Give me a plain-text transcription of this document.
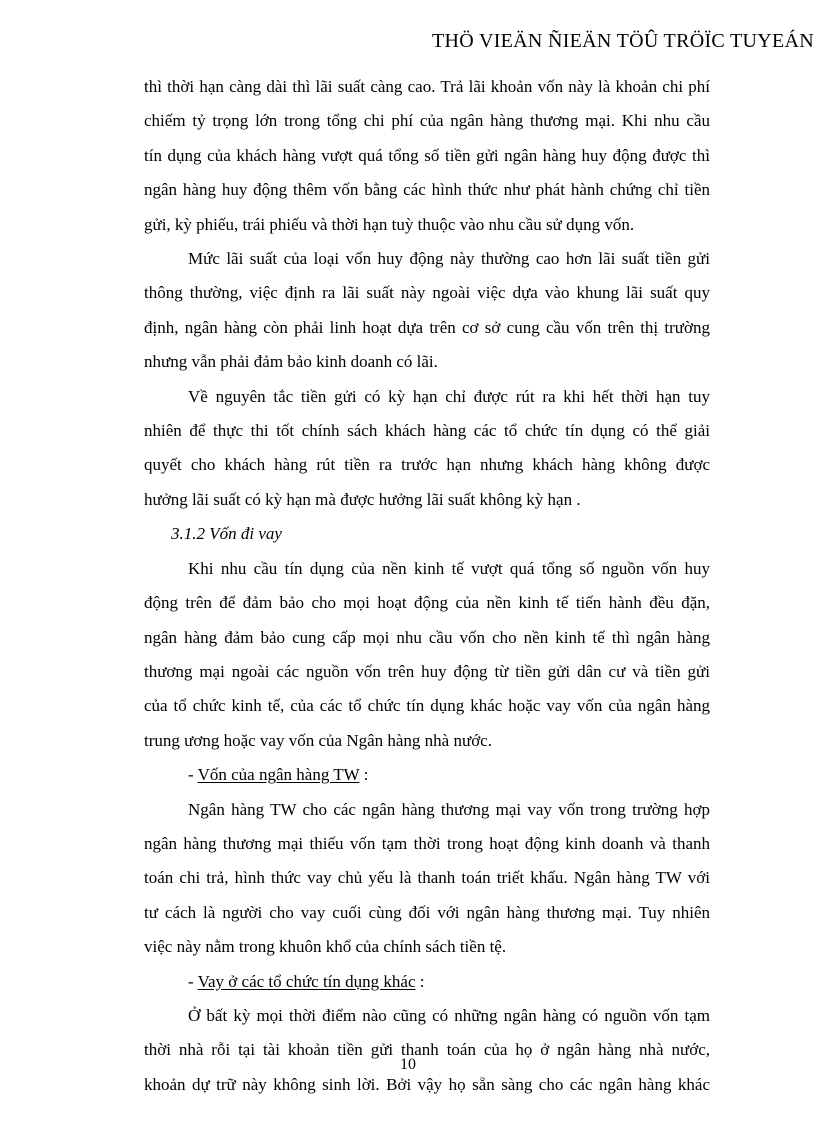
THÖ VIEÄN ÑIEÄN TÖÛ TRÖÏC TUYEÁN

thì thời hạn càng dài thì lãi suất càng cao. Trả lãi khoản vốn này là khoản chi phí
chiếm tỷ trọng lớn trong tổng chi phí của ngân hàng thương mại. Khi nhu cầu
tín dụng của khách hàng vượt quá tổng số tiền gửi ngân hàng huy động được thì
ngân hàng huy động thêm vốn bằng các hình thức như phát hành chứng chỉ tiền
gửi, kỳ phiếu, trái phiếu và thời hạn tuỳ thuộc vào nhu cầu sử dụng vốn.

Mức lãi suất của loại vốn huy động này thường cao hơn lãi suất tiền gửi
thông thường, việc định ra lãi suất này ngoài việc dựa vào khung lãi suất quy
định, ngân hàng còn phải linh hoạt dựa trên cơ sở cung cầu vốn trên thị trường
nhưng vẫn phải đảm bảo kinh doanh có lãi.

Về nguyên tắc tiền gửi có kỳ hạn chỉ được rút ra khi hết thời hạn tuy
nhiên để thực thi tốt chính sách khách hàng các tổ chức tín dụng có thể giải
quyết cho khách hàng rút tiền ra trước hạn nhưng khách hàng không được
hưởng lãi suất có kỳ hạn mà được hưởng lãi suất không kỳ hạn .

3.1.2 Vốn đi vay

Khi nhu cầu tín dụng của nền kinh tế vượt quá tổng số nguồn vốn huy
động trên để đảm bảo cho mọi hoạt động của nền kinh tế tiến hành đều đặn,
ngân hàng đảm bảo cung cấp mọi nhu cầu vốn cho nền kinh tế thì ngân hàng
thương mại ngoài các nguồn vốn trên huy động từ tiền gửi dân cư và tiền gửi
của tổ chức kinh tế, của các tổ chức tín dụng khác hoặc vay vốn của ngân hàng
trung ương hoặc vay vốn của Ngân hàng nhà nước.

- Vốn của ngân hàng TW :

Ngân hàng TW cho các ngân hàng thương mại vay vốn trong trường hợp
ngân hàng thương mại thiếu vốn tạm thời trong hoạt động kinh doanh và thanh
toán chi trả, hình thức vay chủ yếu là thanh toán triết khấu. Ngân hàng TW với
tư cách là người cho vay cuối cùng đối với ngân hàng thương mại. Tuy nhiên
việc này nằm trong khuôn khổ của chính sách tiền tệ.

- Vay ở các tổ chức tín dụng khác :

Ở bất kỳ mọi thời điểm nào cũng có những ngân hàng có nguồn vốn tạm
thời nhà rỗi tại tài khoản tiền gửi thanh toán của họ ở ngân hàng nhà nước,
khoản dự trữ này không sinh lời. Bởi vậy họ sẵn sàng cho các ngân hàng khác

10
